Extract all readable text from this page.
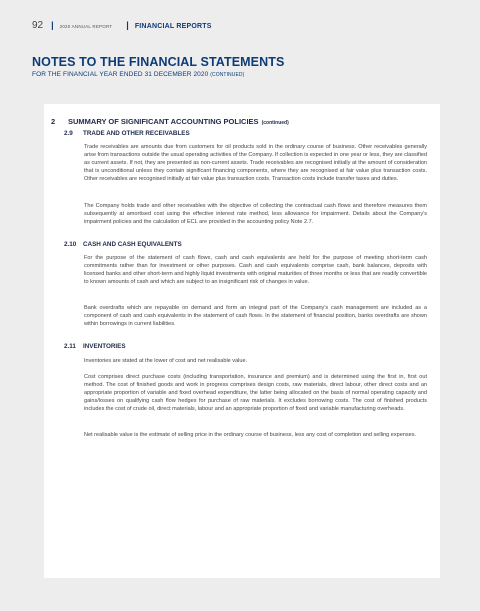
92 | 2020 ANNUAL REPORT | FINANCIAL REPORTS
NOTES TO THE FINANCIAL STATEMENTS
FOR THE FINANCIAL YEAR ENDED 31 DECEMBER 2020 (CONTINUED)
2	SUMMARY OF SIGNIFICANT ACCOUNTING POLICIES (continued)
2.9	TRADE AND OTHER RECEIVABLES

Trade receivables are amounts due from customers for oil products sold in the ordinary course of business. Other receivables generally arise from transactions outside the usual operating activities of the Company. If collection is expected in one year or less, they are classified as current assets. If not, they are presented as non-current assets. Trade receivables are recognised initially at the amount of consideration that is unconditional unless they contain significant financing components, where they are recognised at fair value plus transaction costs. Other receivables are recognised initially at fair value plus transaction costs. Transaction costs include transfer taxes and duties.

The Company holds trade and other receivables with the objective of collecting the contractual cash flows and therefore measures them subsequently at amortised cost using the effective interest rate method, less allowance for impairment. Details about the Company's impairment policies and the calculation of ECL are provided in the accounting policy Note 2.7.

2.10	CASH AND CASH EQUIVALENTS

For the purpose of the statement of cash flows, cash and cash equivalents are held for the purpose of meeting short-term cash commitments rather than for investment or other purposes. Cash and cash equivalents comprise cash, bank balances, deposits with licensed banks and other short-term and highly liquid investments with original maturities of three months or less that are readily convertible to known amounts of cash and which are subject to an insignificant risk of changes in value.

Bank overdrafts which are repayable on demand and form an integral part of the Company's cash management are included as a component of cash and cash equivalents in the statement of cash flows. In the statement of financial position, banks overdrafts are shown within borrowings in current liabilities.

2.11	INVENTORIES

Inventories are stated at the lower of cost and net realisable value.

Cost comprises direct purchase costs (including transportation, insurance and premium) and is determined using the first in, first out method. The cost of finished goods and work in progress comprises design costs, raw materials, direct labour, other direct costs and an appropriate proportion of variable and fixed overhead expenditure, the latter being allocated on the basis of normal operating capacity and gains/losses on qualifying cash flow hedges for purchase of raw materials. It excludes borrowing costs. The cost of finished products includes the cost of crude oil, direct materials, labour and an appropriate proportion of fixed and variable manufacturing overheads.

Net realisable value is the estimate of selling price in the ordinary course of business, less any cost of completion and selling expenses.
